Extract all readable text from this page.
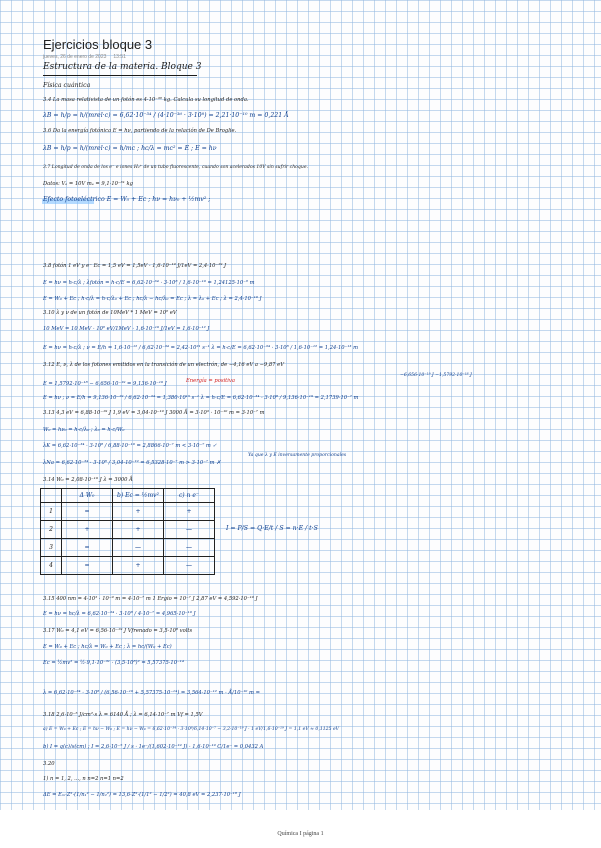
Ejercicios bloque 3
jueves, 26 de enero de 2023 13:51
Estructura de la materia. Bloque 3
Física cuántica
3.4 La masa relativista de un fotón es 4·10⁻³⁶ kg. Calcula su longitud de onda.
λB = h/p = h/(mrel·c) = 6,62·10⁻³⁴ / (4·10⁻³⁶ · 3·10⁸) = 2,21·10⁻¹⁰ m = 0,221 Å
3.6 Da la energía fotónica E = hν, partiendo de la relación de De Broglie.
λB = h/p = h/(mrel·c) = h/mc ; hc/λ = mc² = E ; E = hν
3.7 Longitud de onda de los e⁻ e iones H₂⁺ de un tubo fluorescente, cuando son acelerados 10V sin sufrir choque.
Datos: Vₐ = 10V mₑ = 9,1·10⁻³¹ kg
Efecto fotoeléctrico E = W₀ + Ec ; hν = hν₀ + ½mv² ;
3.8 fotón 1 eV y e⁻ Ec = 1,5 eV = 1,5eV · 1,6·10⁻¹⁹ J/1eV = 2,4·10⁻¹⁹ J
E = hν = h·c/λ ; λfotón = h·c/E = 6,62·10⁻³⁴ · 3·10⁸ / 1,6·10⁻¹⁹ = 1,24125·10⁻⁶ m
E = W₀ + Ec ; h·c/λ = h·c/λ₀ + Ec ; hc/λ − hc/λ₀ = Ec ; λ = λ₀ + Ec ; λ = 2,4·10⁻¹⁹ J
3.10 λ y ν de un fotón de 10MeV * 1 MeV = 10⁶ eV
10 MeV = 10 MeV · 10⁶ eV/1MeV · 1,6·10⁻¹⁹ J/1eV = 1,6·10⁻¹² J
E = hν = h·c/λ ; ν = E/h = 1,6·10⁻¹² / 6,62·10⁻³⁴ = 2,42·10²¹ s⁻¹ λ = h·c/E = 6,62·10⁻³⁴ · 3·10⁸ / 1,6·10⁻¹² = 1,24·10⁻¹³ m
3.12 E, ν, λ de los fotones emitidos en la transición de un electrón, de −4,16 eV a −9,87 eV
Energía = positiva
−6,656·10⁻¹⁹ J −1,5792·10⁻¹⁸ J
E = 1,5792·10⁻¹⁸ − 6,656·10⁻¹⁹ = 9,136·10⁻¹⁹ J
E = hν ; ν = E/h = 9,136·10⁻¹⁹ / 6,62·10⁻³⁴ = 1,380·10¹⁵ s⁻¹ λ = h·c/E = 6,62·10⁻³⁴ · 3·10⁸ / 9,136·10⁻¹⁹ = 2,1739·10⁻⁷ m
3.13 4,3 eV = 6,88·10⁻¹⁹ J 1,9 eV = 3,04·10⁻¹⁹ J 3000 Å = 3·10³ · 10⁻¹⁰ m = 3·10⁻⁷ m
W₀ = hν₀ = h·c/λ₀ ; λ₀ = h·c/W₀
λK = 6,62·10⁻³⁴ · 3·10⁸ / 6,88·10⁻¹⁹ = 2,8866·10⁻⁷ m < 3·10⁻⁷ m ✓
λNa = 6,62·10⁻³⁴ · 3·10⁸ / 3,04·10⁻¹⁹ = 6,5328·10⁻⁷ m > 3·10⁻⁷ m ✗
Ya que λ y E inversamente proporcionales
3.14 W₀ = 2,08·10⁻¹⁹ J λ = 3000 Å
	Δ W₀	b) Ec = ½mv²	c) n e⁻
1	=	+	+
2	+	+	—
3	=	—	—
4	=	+	—
I = P/S = Q·E/t / S = n·E / t·S
3.15 400 nm = 4·10² · 10⁻⁹ m = 4·10⁻⁷ m 1 Ergio = 10⁻⁷ J 2,87 eV = 4,592·10⁻¹⁹ J
E = hν = hc/λ = 6,62·10⁻³⁴ · 3·10⁸ / 4·10⁻⁷ = 4,965·10⁻¹⁹ J
3.17 W₀ = 4,1 eV = 6,56·10⁻¹⁹ J Vfrenado = 3,5·10⁸ volts
E = W₀ + Ec ; hc/λ = W₀ + Ec ; λ = hc/(W₀ + Ec)
Ec = ½mv² = ½·9,1·10⁻³¹ · (3,5·10⁸)² = 5,57375·10⁻¹⁴
λ = 6,62·10⁻³⁴ · 3·10⁸ / (6,56·10⁻¹⁹ + 5,57375·10⁻¹⁴) = 3,564·10⁻¹² m · Å/10⁻¹⁰ m =
3.18 2,6·10⁻⁵ J/cm²·s λ = 6140 Å ; λ = 6,14·10⁻⁷ m Vf = 1,5V
a) E = W₀ + Ec ; E = hν − W₀ ; E = hν − W₀ = 6,62·10⁻³⁴ · 3·10⁸/6,14·10⁻⁷ − 3,2·10⁻¹⁹ J · 1 eV/1,6·10⁻¹⁹ J = 1,1 eV ≈ 0,1125 eV
b) I = q(c)/s(cm) ; I = 2,6·10⁻⁵ J / s · 1e⁻/(1,602·10⁻¹⁹ J) · 1,6·10⁻¹⁹ C/1e⁻ = 0,0432 A
3.20
1) n = 1, 2, ..., n n=2 n=1 n=2
ΔE = Eₘ·Z²·(1/n₁² − 1/n₂²) = 13,6·Z²·(1/1² − 1/2²) = 40,8 eV = 2,237·10⁻¹⁸ J
Química I página 1
